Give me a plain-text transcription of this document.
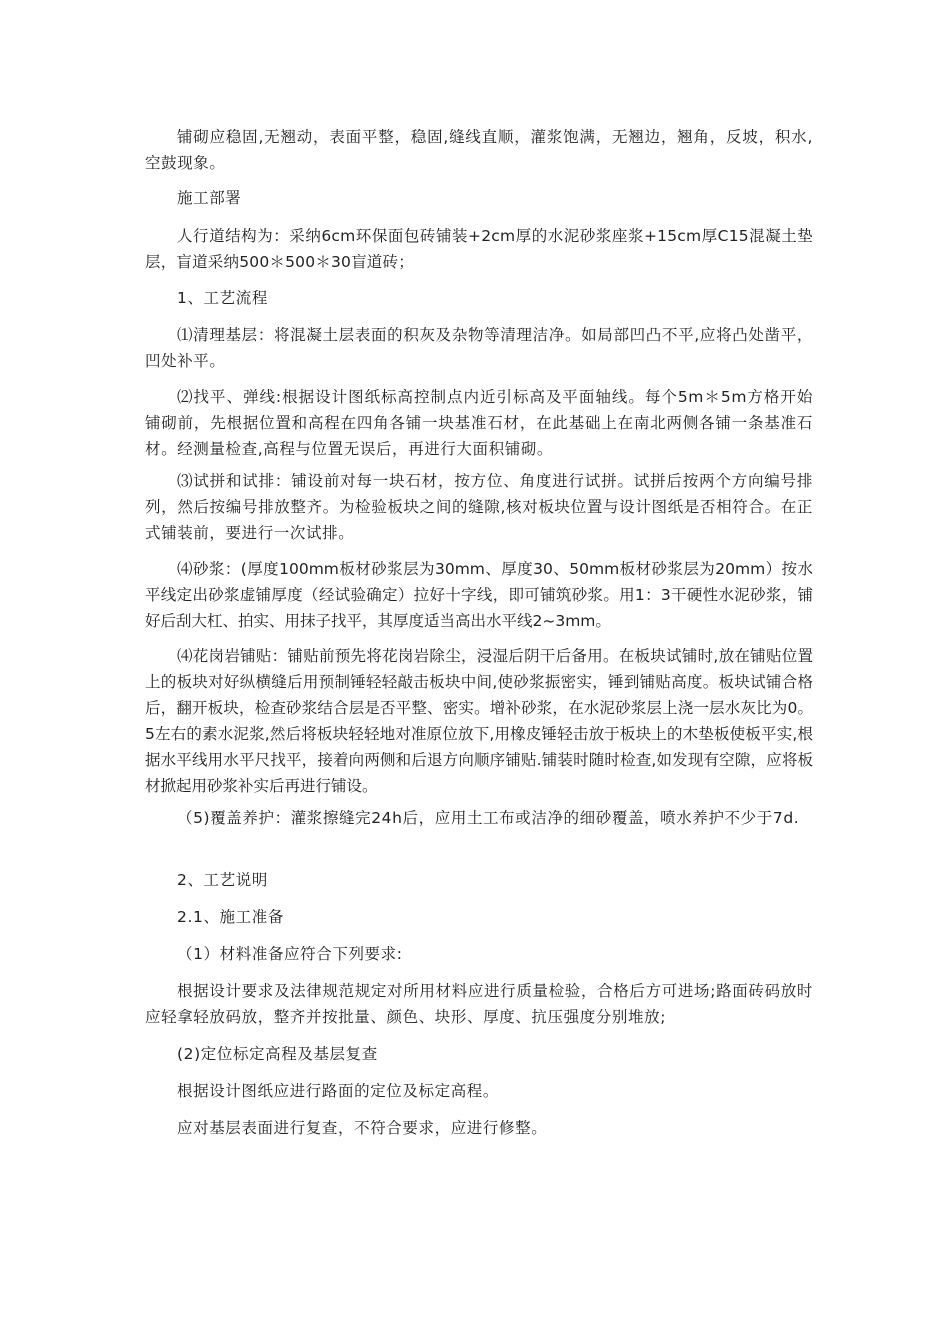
铺砌应稳固,无翘动，表面平整，稳固,缝线直顺，灌浆饱满，无翘边，翘角，反坡，积水,空鼓现象。

施工部署

人行道结构为：采纳6cm环保面包砖铺装+2cm厚的水泥砂浆座浆+15cm厚C15混凝土垫层，盲道采纳500＊500＊30盲道砖；

1、工艺流程

⑴清理基层：将混凝土层表面的积灰及杂物等清理洁净。如局部凹凸不平,应将凸处凿平，凹处补平。

⑵找平、弹线:根据设计图纸标高控制点内近引标高及平面轴线。每个5m＊5m方格开始铺砌前，先根据位置和高程在四角各铺一块基准石材，在此基础上在南北两侧各铺一条基准石材。经测量检查,高程与位置无误后，再进行大面积铺砌。

⑶试拼和试排：铺设前对每一块石材，按方位、角度进行试拼。试拼后按两个方向编号排列，然后按编号排放整齐。为检验板块之间的缝隙,核对板块位置与设计图纸是否相符合。在正式铺装前，要进行一次试排。

⑷砂浆：(厚度100mm板材砂浆层为30mm、厚度30、50mm板材砂浆层为20mm）按水平线定出砂浆虚铺厚度（经试验确定）拉好十字线，即可铺筑砂浆。用1：3干硬性水泥砂浆，铺好后刮大杠、拍实、用抹子找平，其厚度适当高出水平线2~3mm。

⑷花岗岩铺贴：铺贴前预先将花岗岩除尘，浸湿后阴干后备用。在板块试铺时,放在铺贴位置上的板块对好纵横缝后用预制锤轻轻敲击板块中间,使砂浆振密实，锤到铺贴高度。板块试铺合格后，翻开板块，检查砂浆结合层是否平整、密实。增补砂浆，在水泥砂浆层上浇一层水灰比为0。5左右的素水泥浆,然后将板块轻轻地对准原位放下,用橡皮锤轻击放于板块上的木垫板使板平实,根据水平线用水平尺找平，接着向两侧和后退方向顺序铺贴.铺装时随时检查,如发现有空隙，应将板材掀起用砂浆补实后再进行铺设。

（5)覆盖养护：灌浆擦缝完24h后，应用土工布或洁净的细砂覆盖，喷水养护不少于7d.

2、工艺说明

2.1、施工准备

（1）材料准备应符合下列要求:

根据设计要求及法律规范规定对所用材料应进行质量检验，合格后方可进场;路面砖码放时应轻拿轻放码放，整齐并按批量、颜色、块形、厚度、抗压强度分别堆放;

(2)定位标定高程及基层复查

根据设计图纸应进行路面的定位及标定高程。

应对基层表面进行复查，不符合要求，应进行修整。
